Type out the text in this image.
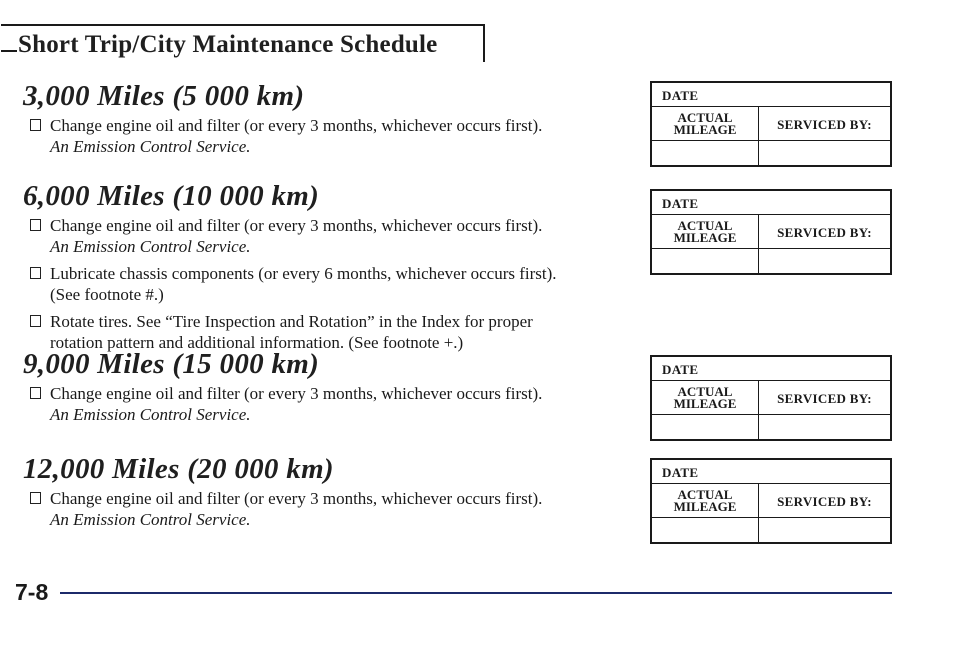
Short Trip/City Maintenance Schedule
3,000 Miles (5 000 km)
Change engine oil and filter (or every 3 months, whichever occurs first).
An Emission Control Service.
6,000 Miles (10 000 km)
Change engine oil and filter (or every 3 months, whichever occurs first).
An Emission Control Service.
Lubricate chassis components (or every 6 months, whichever occurs first).
(See footnote #.)
Rotate tires. See “Tire Inspection and Rotation” in the Index for proper
rotation pattern and additional information. (See footnote +.)
9,000 Miles (15 000 km)
Change engine oil and filter (or every 3 months, whichever occurs first).
An Emission Control Service.
12,000 Miles (20 000 km)
Change engine oil and filter (or every 3 months, whichever occurs first).
An Emission Control Service.
DATE
ACTUAL
MILEAGE	SERVICED BY:
DATE
ACTUAL
MILEAGE	SERVICED BY:
DATE
ACTUAL
MILEAGE	SERVICED BY:
DATE
ACTUAL
MILEAGE	SERVICED BY:
7-8
